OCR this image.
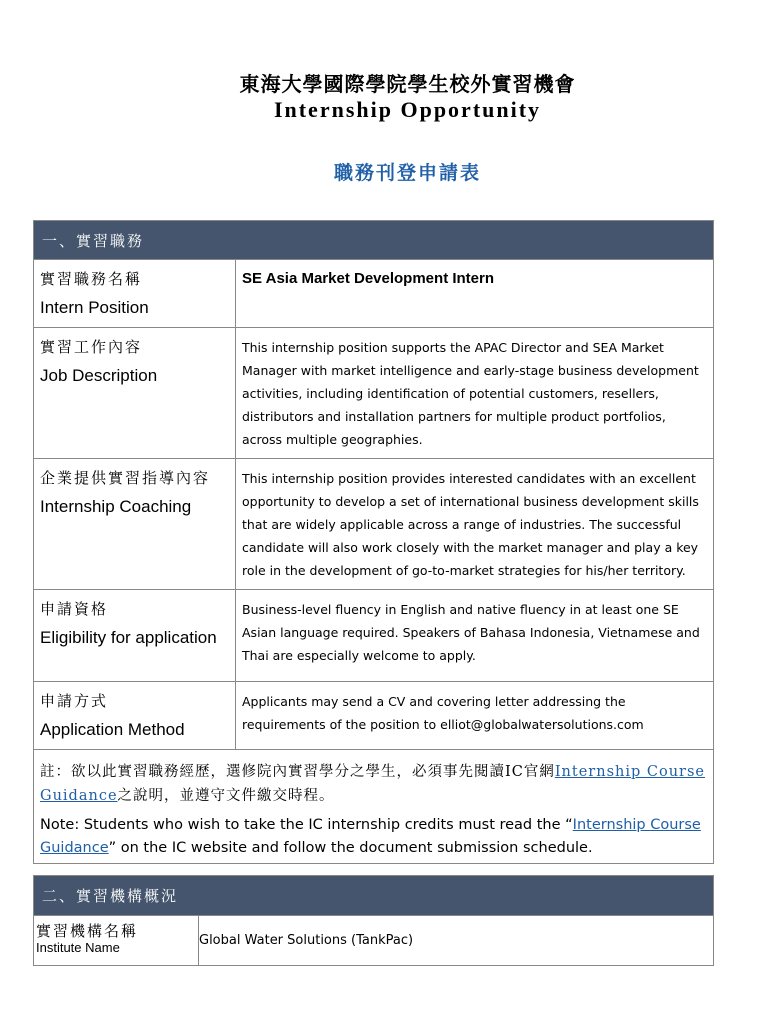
東海大學國際學院學生校外實習機會
Internship Opportunity
職務刊登申請表
一、實習職務	

實習職務名稱
Intern Position	SE Asia Market Development Intern

實習工作內容
Job Description	This internship position supports the APAC Director and SEA Market Manager with market intelligence and early-stage business development activities, including identification of potential customers, resellers, distributors and installation partners for multiple product portfolios, across multiple geographies.

企業提供實習指導內容
Internship Coaching	This internship position provides interested candidates with an excellent opportunity to develop a set of international business development skills that are widely applicable across a range of industries. The successful candidate will also work closely with the market manager and play a key role in the development of go-to-market strategies for his/her territory.

申請資格
Eligibility for application	Business-level fluency in English and native fluency in at least one SE Asian language required. Speakers of Bahasa Indonesia, Vietnamese and Thai are especially welcome to apply.

申請方式
Application Method	Applicants may send a CV and covering letter addressing the requirements of the position to elliot@globalwatersolutions.com

註：欲以此實習職務經歷，選修院內實習學分之學生，必須事先閱讀IC官網Internship Course Guidance之說明，並遵守文件繳交時程。
Note: Students who wish to take the IC internship credits must read the “Internship Course Guidance” on the IC website and follow the document submission schedule.	
二、實習機構概況

實習機構名稱
Institute Name	Global Water Solutions (TankPac)
